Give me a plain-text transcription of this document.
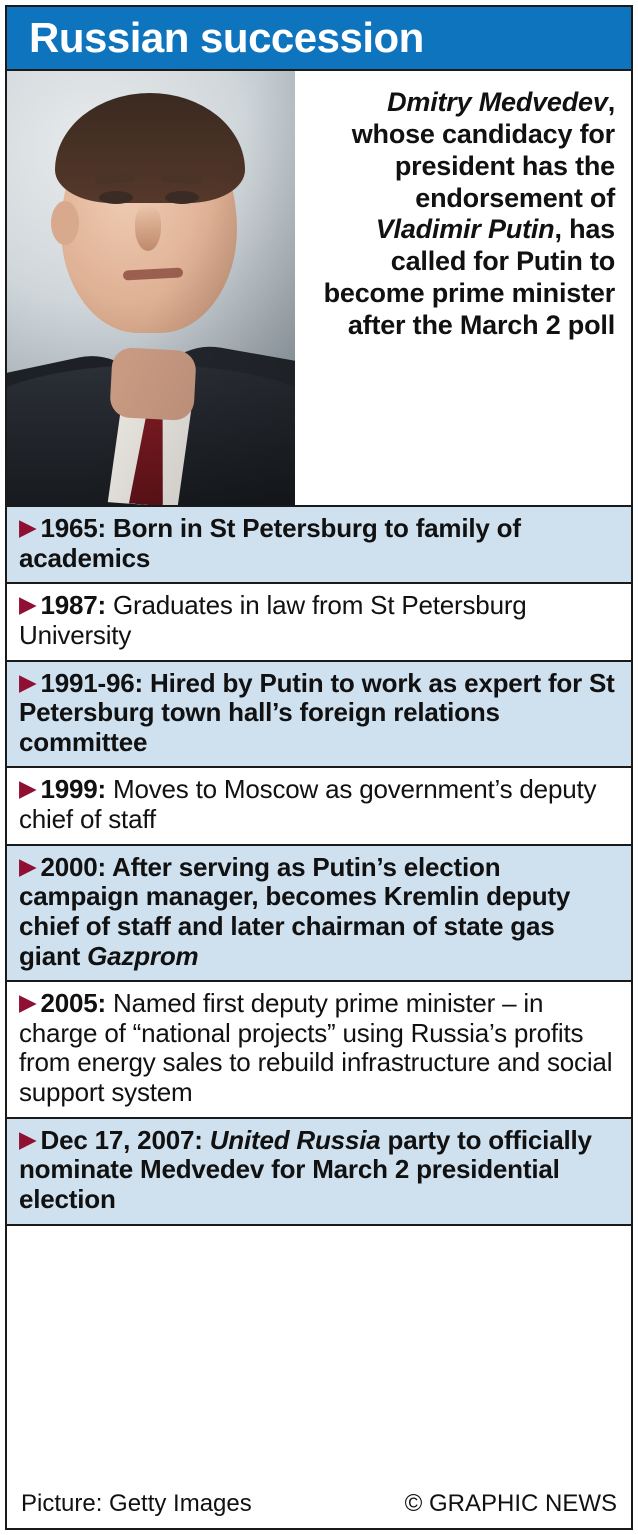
Russian succession
Dmitry Medvedev, whose candidacy for president has the endorsement of Vladimir Putin, has called for Putin to become prime minister after the March 2 poll
▶ 1965: Born in St Petersburg to family of academics
▶ 1987: Graduates in law from St Petersburg University
▶ 1991-96: Hired by Putin to work as expert for St Petersburg town hall’s foreign relations committee
▶ 1999: Moves to Moscow as government’s deputy chief of staff
▶ 2000: After serving as Putin’s election campaign manager, becomes Kremlin deputy chief of staff and later chairman of state gas giant Gazprom
▶ 2005: Named first deputy prime minister – in charge of “national projects” using Russia’s profits from energy sales to rebuild infrastructure and social support system
▶ Dec 17, 2007: United Russia party to officially nominate Medvedev for March 2 presidential election
Picture: Getty Images	© GRAPHIC NEWS
